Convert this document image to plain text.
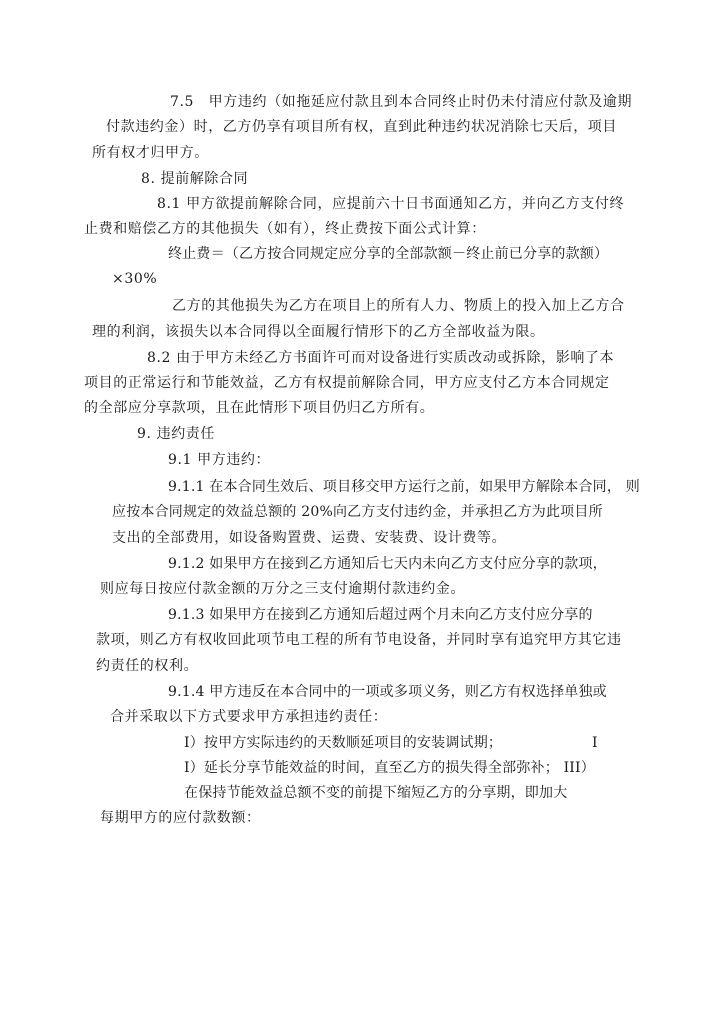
7.5　甲方违约（如拖延应付款且到本合同终止时仍未付清应付款及逾期
付款违约金）时，乙方仍享有项目所有权，直到此种违约状况消除七天后，项目
所有权才归甲方。
8. 提前解除合同
8.1 甲方欲提前解除合同，应提前六十日书面通知乙方，并向乙方支付终
止费和赔偿乙方的其他损失（如有），终止费按下面公式计算：
终止费＝（乙方按合同规定应分享的全部款额－终止前已分享的款额）
×30%
乙方的其他损失为乙方在项目上的所有人力、物质上的投入加上乙方合
理的利润，该损失以本合同得以全面履行情形下的乙方全部收益为限。
8.2 由于甲方未经乙方书面许可而对设备进行实质改动或拆除，影响了本
项目的正常运行和节能效益，乙方有权提前解除合同，甲方应支付乙方本合同规定
的全部应分享款项，且在此情形下项目仍归乙方所有。
9. 违约责任
9.1 甲方违约：
9.1.1 在本合同生效后、项目移交甲方运行之前，如果甲方解除本合同， 则
应按本合同规定的效益总额的 20%向乙方支付违约金，并承担乙方为此项目所
支出的全部费用，如设备购置费、运费、安装费、设计费等。
9.1.2 如果甲方在接到乙方通知后七天内未向乙方支付应分享的款项，
则应每日按应付款金额的万分之三支付逾期付款违约金。
9.1.3 如果甲方在接到乙方通知后超过两个月未向乙方支付应分享的
款项，则乙方有权收回此项节电工程的所有节电设备，并同时享有追究甲方其它违
约责任的权利。
9.1.4 甲方违反在本合同中的一项或多项义务，则乙方有权选择单独或
合并采取以下方式要求甲方承担违约责任：
I）按甲方实际违约的天数顺延项目的安装调试期；	I
I）延长分享节能效益的时间，直至乙方的损失得全部弥补； III）
在保持节能效益总额不变的前提下缩短乙方的分享期，即加大
每期甲方的应付款数额：
